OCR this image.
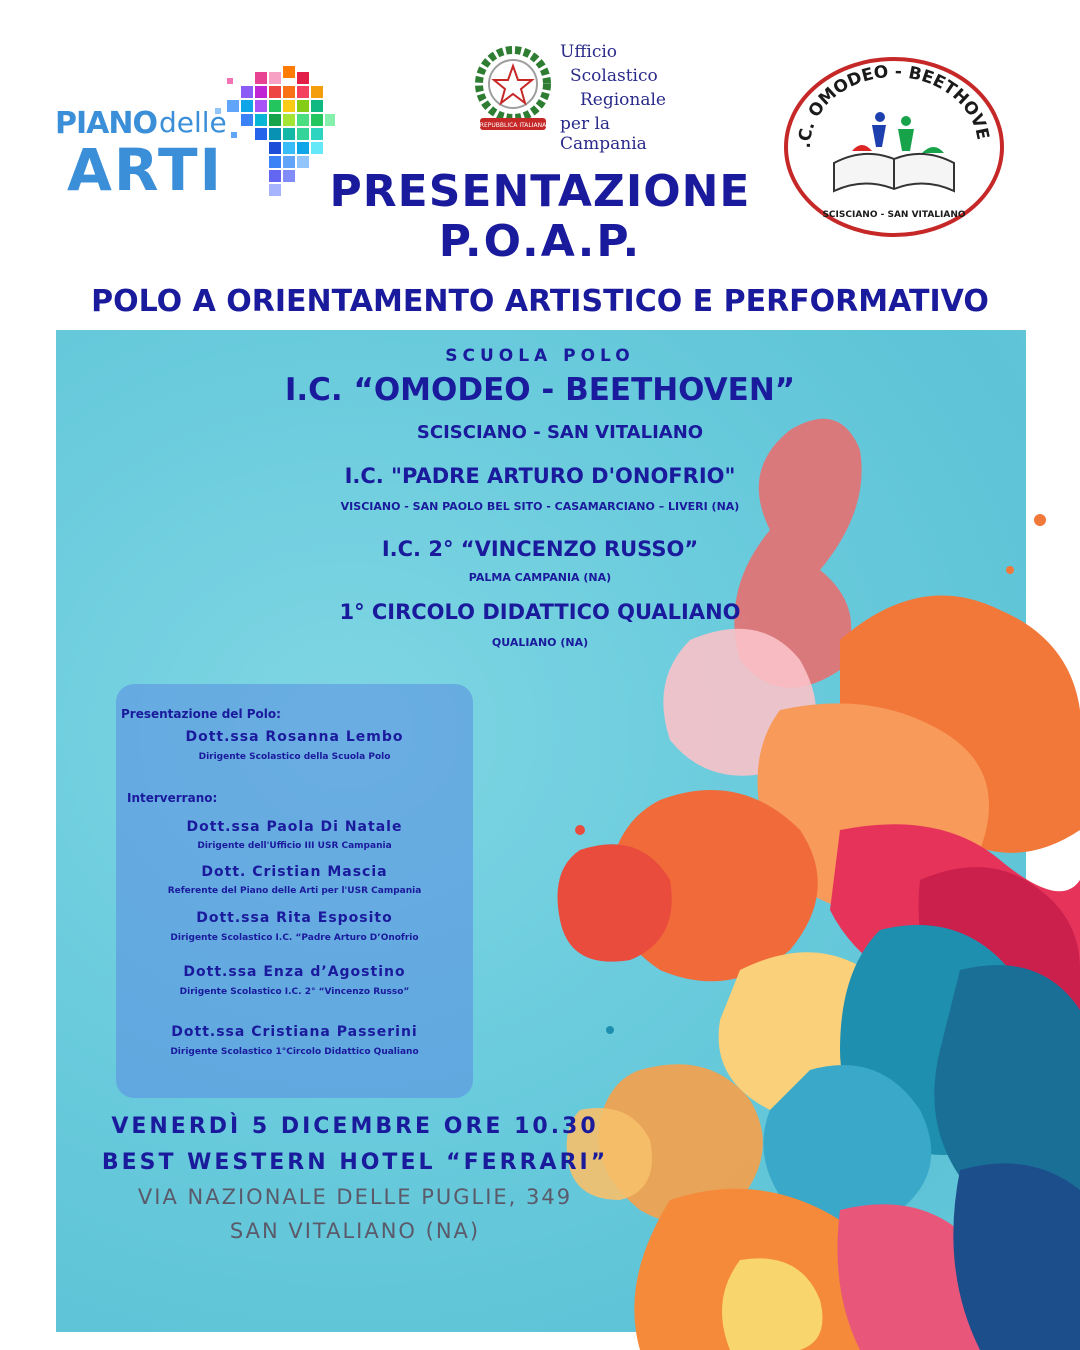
PIANO delle
ARTI
REPUBBLICA ITALIANA
Ufficio
Scolastico
Regionale
per la Campania	.C. OMODEO - BEETHOVE
SCISCIANO - SAN VITALIANO
PRESENTAZIONE
P.O.A.P.
POLO A ORIENTAMENTO ARTISTICO E PERFORMATIVO
SCUOLA POLO
I.C. “OMODEO - BEETHOVEN”
SCISCIANO - SAN VITALIANO
I.C. "PADRE ARTURO D'ONOFRIO"
VISCIANO - SAN PAOLO BEL SITO - CASAMARCIANO – LIVERI (NA)
I.C. 2° “VINCENZO RUSSO”
PALMA CAMPANIA (NA)
1° CIRCOLO DIDATTICO QUALIANO
QUALIANO (NA)
Presentazione del Polo:
Dott.ssa Rosanna Lembo
Dirigente Scolastico della Scuola Polo
Interverrano:
Dott.ssa Paola Di Natale
Dirigente dell'Ufficio III USR Campania
Dott. Cristian Mascia
Referente del Piano delle Arti per l'USR Campania
Dott.ssa Rita Esposito
Dirigente Scolastico I.C. “Padre Arturo D’Onofrio
Dott.ssa Enza d’Agostino
Dirigente Scolastico I.C. 2° “Vincenzo Russo”
Dott.ssa Cristiana Passerini
Dirigente Scolastico 1°Circolo Didattico Qualiano
VENERDÌ 5 DICEMBRE ORE 10.30
BEST WESTERN HOTEL “FERRARI”
VIA NAZIONALE DELLE PUGLIE, 349
SAN VITALIANO (NA)
